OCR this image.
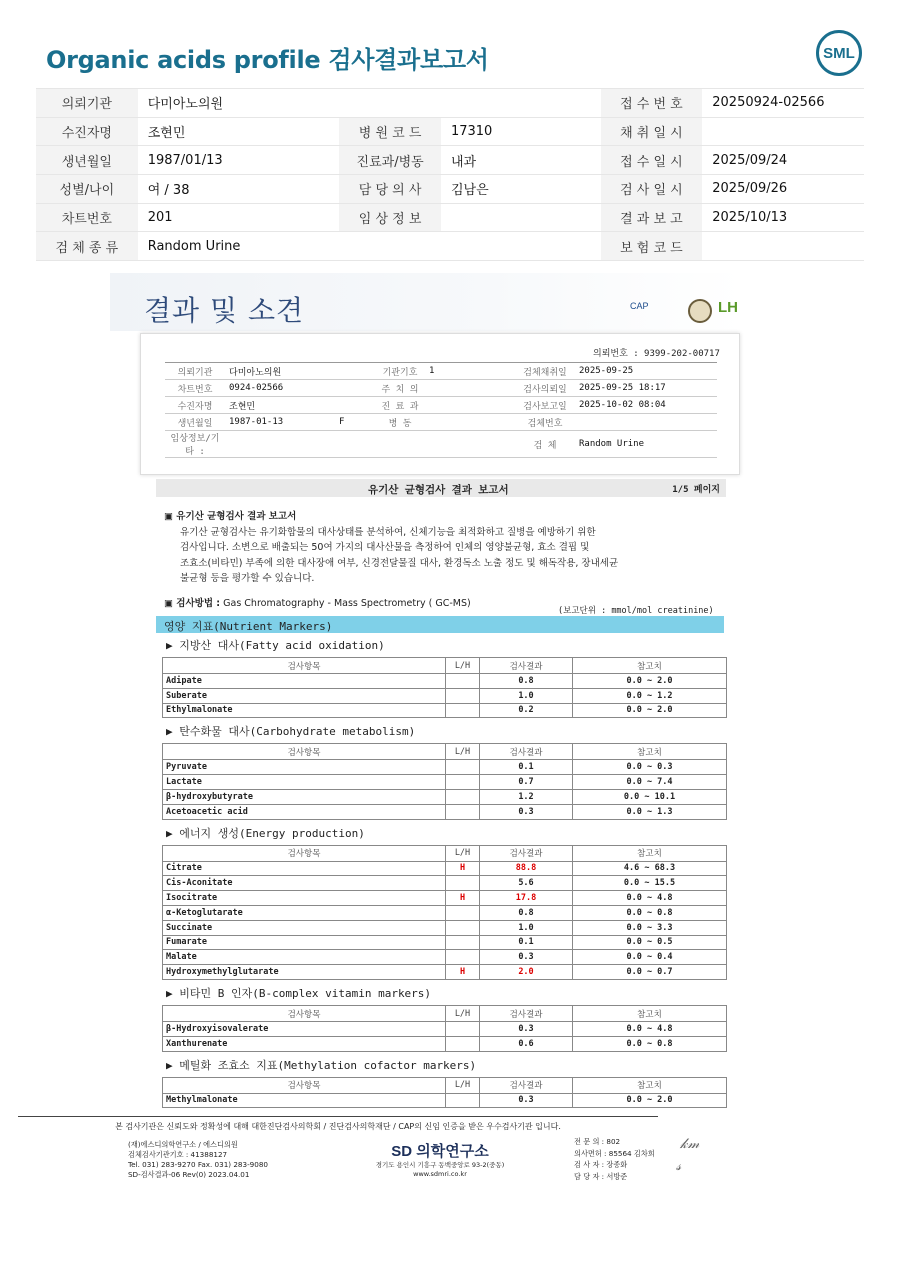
Organic acids profile 검사결과보고서	SML
의뢰기관	다미아노의원			접 수 번 호	20250924-02566
수진자명	조현민	병 원 코 드	17310	채 취 일 시	
생년월일	1987/01/13	진료과/병동	내과	접 수 일 시	2025/09/24
성별/나이	여 / 38	담 당 의 사	김남은	검 사 일 시	2025/09/26
차트번호	201	임 상 정 보		결 과 보 고	2025/10/13
검 체 종 류	Random Urine			보 험 코 드	
결과 및 소견	CAP	LH
의뢰번호 : 9399-202-00717
의뢰기관	다미아노의원		기관기호	1	검체채취일	2025-09-25
차트번호	0924-02566		주 치 의		검사의뢰일	2025-09-25 18:17
수진자명	조현민		진 료 과		검사보고일	2025-10-02 08:04
생년월일	1987-01-13	F	병 동		검체번호	
임상정보/기타 :					검 체	Random Urine
유기산 균형검사 결과 보고서	1/5 페이지
▣ 유기산 균형검사 결과 보고서
유기산 균형검사는 유기화합물의 대사상태를 분석하여, 신체기능을 최적화하고 질병을 예방하기 위한
검사입니다. 소변으로 배출되는 50여 가지의 대사산물을 측정하여 인체의 영양불균형, 효소 결핍 및
조효소(비타민) 부족에 의한 대사장애 여부, 신경전달물질 대사, 환경독소 노출 정도 및 해독작용, 장내세균
불균형 등을 평가할 수 있습니다.
▣ 검사방법 : Gas Chromatography - Mass Spectrometry ( GC-MS)
(보고단위 : mmol/mol creatinine)
영양 지표(Nutrient Markers)
▶ 지방산 대사(Fatty acid oxidation)
검사항목	L/H	검사결과	참고치
Adipate		0.8	0.0 ~ 2.0
Suberate		1.0	0.0 ~ 1.2
Ethylmalonate		0.2	0.0 ~ 2.0
▶ 탄수화물 대사(Carbohydrate metabolism)
검사항목	L/H	검사결과	참고치
Pyruvate		0.1	0.0 ~ 0.3
Lactate		0.7	0.0 ~ 7.4
β-hydroxybutyrate		1.2	0.0 ~ 10.1
Acetoacetic acid		0.3	0.0 ~ 1.3
▶ 에너지 생성(Energy production)
검사항목	L/H	검사결과	참고치
Citrate	H	88.8	4.6 ~ 68.3
Cis-Aconitate		5.6	0.0 ~ 15.5
Isocitrate	H	17.8	0.0 ~ 4.8
α-Ketoglutarate		0.8	0.0 ~ 0.8
Succinate		1.0	0.0 ~ 3.3
Fumarate		0.1	0.0 ~ 0.5
Malate		0.3	0.0 ~ 0.4
Hydroxymethylglutarate	H	2.0	0.0 ~ 0.7
▶ 비타민 B 인자(B-complex vitamin markers)
검사항목	L/H	검사결과	참고치
β-Hydroxyisovalerate		0.3	0.0 ~ 4.8
Xanthurenate		0.6	0.0 ~ 0.8
▶ 메틸화 조효소 지표(Methylation cofactor markers)
검사항목	L/H	검사결과	참고치
Methylmalonate		0.3	0.0 ~ 2.0
본 검사기관은 신뢰도와 정확성에 대해 대한진단검사의학회 / 진단검사의학재단 / CAP의 신임 인증을 받은 우수검사기관 입니다.
(재)에스디의학연구소 / 에스디의원
검체검사기관기호 : 41388127
Tel. 031) 283-9270 Fax. 031) 283-9080
SD-검사결과-06 Rev(0) 2023.04.01
SD 의학연구소
경기도 용인시 기흥구 동백중앙로 93-2(중동)
www.sdmri.co.kr
전 문 의 : 802
의사면허 : 85564 김차희
검 사 자 : 장종화
담 당 자 : 서방준
𝓀𝓂
𝓈
